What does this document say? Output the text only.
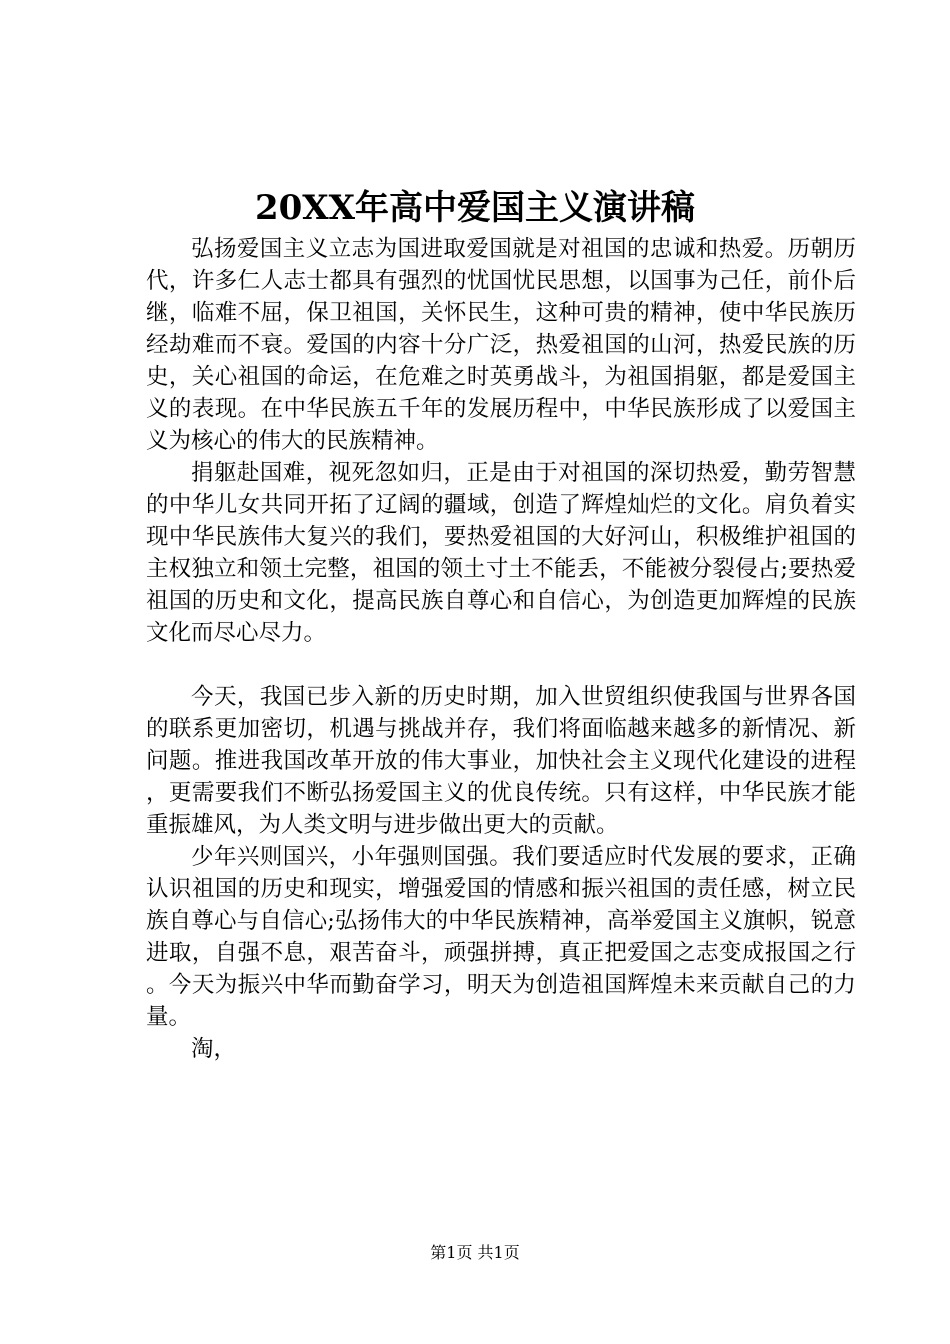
20XX年高中爱国主义演讲稿

弘扬爱国主义立志为国进取爱国就是对祖国的忠诚和热爱。历朝历代，许多仁人志士都具有强烈的忧国忧民思想，以国事为己任，前仆后继，临难不屈，保卫祖国，关怀民生，这种可贵的精神，使中华民族历经劫难而不衰。爱国的内容十分广泛，热爱祖国的山河，热爱民族的历史，关心祖国的命运，在危难之时英勇战斗，为祖国捐躯，都是爱国主义的表现。在中华民族五千年的发展历程中，中华民族形成了以爱国主义为核心的伟大的民族精神。

捐躯赴国难，视死忽如归，正是由于对祖国的深切热爱，勤劳智慧的中华儿女共同开拓了辽阔的疆域，创造了辉煌灿烂的文化。肩负着实现中华民族伟大复兴的我们，要热爱祖国的大好河山，积极维护祖国的主权独立和领土完整，祖国的领土寸土不能丢，不能被分裂侵占;要热爱祖国的历史和文化，提高民族自尊心和自信心，为创造更加辉煌的民族文化而尽心尽力。

今天，我国已步入新的历史时期，加入世贸组织使我国与世界各国的联系更加密切，机遇与挑战并存，我们将面临越来越多的新情况、新问题。推进我国改革开放的伟大事业，加快社会主义现代化建设的进程，更需要我们不断弘扬爱国主义的优良传统。只有这样，中华民族才能重振雄风，为人类文明与进步做出更大的贡献。

少年兴则国兴，小年强则国强。我们要适应时代发展的要求，正确认识祖国的历史和现实，增强爱国的情感和振兴祖国的责任感，树立民族自尊心与自信心;弘扬伟大的中华民族精神，高举爱国主义旗帜，锐意进取，自强不息，艰苦奋斗，顽强拼搏，真正把爱国之志变成报国之行。今天为振兴中华而勤奋学习，明天为创造祖国辉煌未来贡献自己的力量。

淘，

第1页 共1页
